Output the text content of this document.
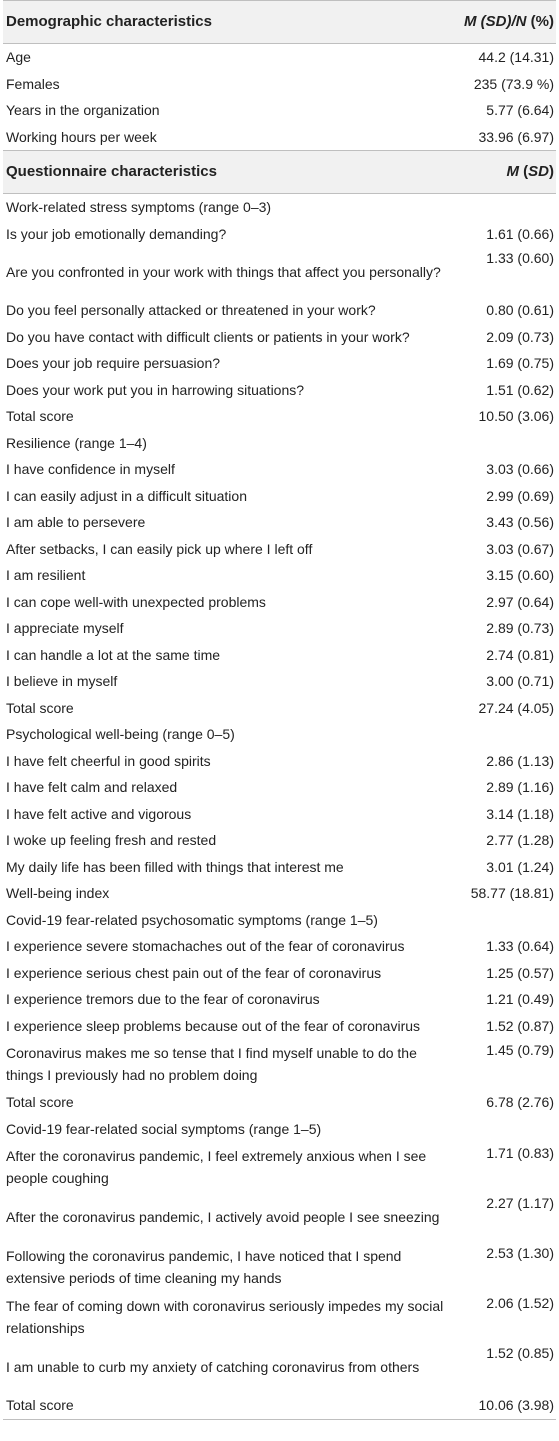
Demographic characteristics	M (SD)/N (%)
Age	44.2 (14.31)
Females	235 (73.9 %)
Years in the organization	5.77 (6.64)
Working hours per week	33.96 (6.97)
Questionnaire characteristics	M (SD)
Work-related stress symptoms (range 0–3)	
Is your job emotionally demanding?	1.61 (0.66)
Are you confronted in your work with things that affect you personally?	1.33 (0.60)
Do you feel personally attacked or threatened in your work?	0.80 (0.61)
Do you have contact with difficult clients or patients in your work?	2.09 (0.73)
Does your job require persuasion?	1.69 (0.75)
Does your work put you in harrowing situations?	1.51 (0.62)
Total score	10.50 (3.06)
Resilience (range 1–4)	
I have confidence in myself	3.03 (0.66)
I can easily adjust in a difficult situation	2.99 (0.69)
I am able to persevere	3.43 (0.56)
After setbacks, I can easily pick up where I left off	3.03 (0.67)
I am resilient	3.15 (0.60)
I can cope well-with unexpected problems	2.97 (0.64)
I appreciate myself	2.89 (0.73)
I can handle a lot at the same time	2.74 (0.81)
I believe in myself	3.00 (0.71)
Total score	27.24 (4.05)
Psychological well-being (range 0–5)	
I have felt cheerful in good spirits	2.86 (1.13)
I have felt calm and relaxed	2.89 (1.16)
I have felt active and vigorous	3.14 (1.18)
I woke up feeling fresh and rested	2.77 (1.28)
My daily life has been filled with things that interest me	3.01 (1.24)
Well-being index	58.77 (18.81)
Covid-19 fear-related psychosomatic symptoms (range 1–5)	
I experience severe stomachaches out of the fear of coronavirus	1.33 (0.64)
I experience serious chest pain out of the fear of coronavirus	1.25 (0.57)
I experience tremors due to the fear of coronavirus	1.21 (0.49)
I experience sleep problems because out of the fear of coronavirus	1.52 (0.87)
Coronavirus makes me so tense that I find myself unable to do the things I previously had no problem doing	1.45 (0.79)
Total score	6.78 (2.76)
Covid-19 fear-related social symptoms (range 1–5)	
After the coronavirus pandemic, I feel extremely anxious when I see people coughing	1.71 (0.83)
After the coronavirus pandemic, I actively avoid people I see sneezing	2.27 (1.17)
Following the coronavirus pandemic, I have noticed that I spend extensive periods of time cleaning my hands	2.53 (1.30)
The fear of coming down with coronavirus seriously impedes my social relationships	2.06 (1.52)
I am unable to curb my anxiety of catching coronavirus from others	1.52 (0.85)
Total score	10.06 (3.98)
